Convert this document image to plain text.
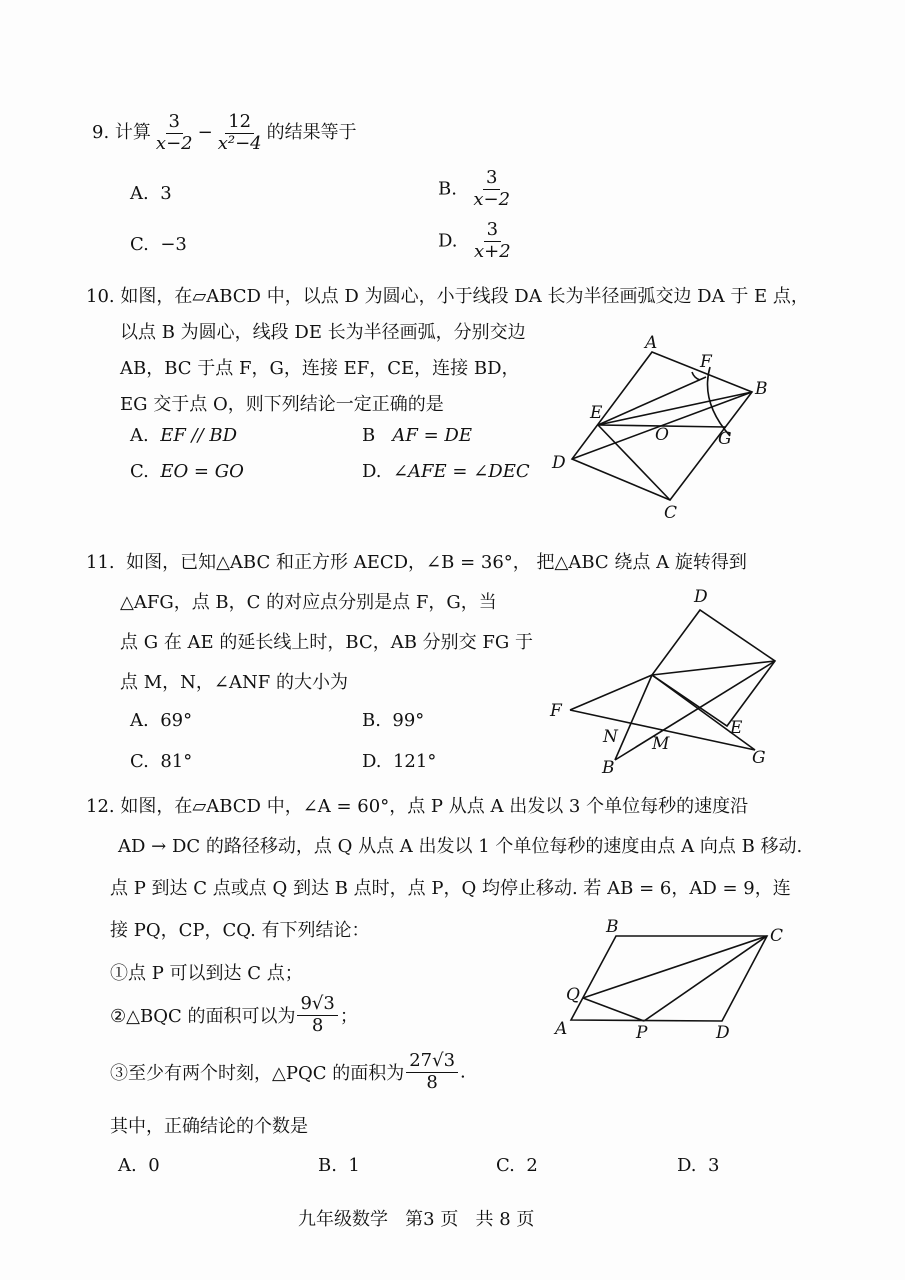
9. 计算 $\frac{3}{x-2} - \frac{12}{\text{x²−4}}$ 的结果等于
A. 3	B. $\frac{3}{x-2}$
C. −3	D. $\frac{3}{x+2}$
10. 如图，在▱ABCD 中，以点 D 为圆心，小于线段 DA 长为半径画弧交边 DA 于 E 点，
以点 B 为圆心，线段 DE 长为半径画弧，分别交边
AB，BC 于点 F，G，连接 EF，CE，连接 BD，
EG 交于点 O，则下列结论一定正确的是
A. EF // BD	B AF = DE
C. EO = GO	D. ∠AFE = ∠DEC
A
F
B
E
O	G
D
C
11. 如图，已知△ABC 和正方形 AECD，∠B = 36°， 把△ABC 绕点 A 旋转得到
△AFG，点 B，C 的对应点分别是点 F，G，当
点 G 在 AE 的延长线上时，BC，AB 分别交 FG 于
点 M，N，∠ANF 的大小为
A. 69°	B. 99°
C. 81°	D. 121°
D
F
N M
E
B	G
12. 如图，在▱ABCD 中，∠A = 60°，点 P 从点 A 出发以 3 个单位每秒的速度沿
AD → DC 的路径移动，点 Q 从点 A 出发以 1 个单位每秒的速度由点 A 向点 B 移动.
点 P 到达 C 点或点 Q 到达 B 点时，点 P，Q 均停止移动. 若 AB = 6，AD = 9，连
接 PQ，CP，CQ. 有下列结论：
①点 P 可以到达 C 点；
②△BQC 的面积可以为 $\frac{9√3}{8}$ ；
③至少有两个时刻，△PQC 的面积为 $\frac{27√3}{8}$ .
其中，正确结论的个数是
A. 0	B. 1	C. 2	D. 3
B	C
Q
A	P	D
九年级数学   第3 页   共 8 页
